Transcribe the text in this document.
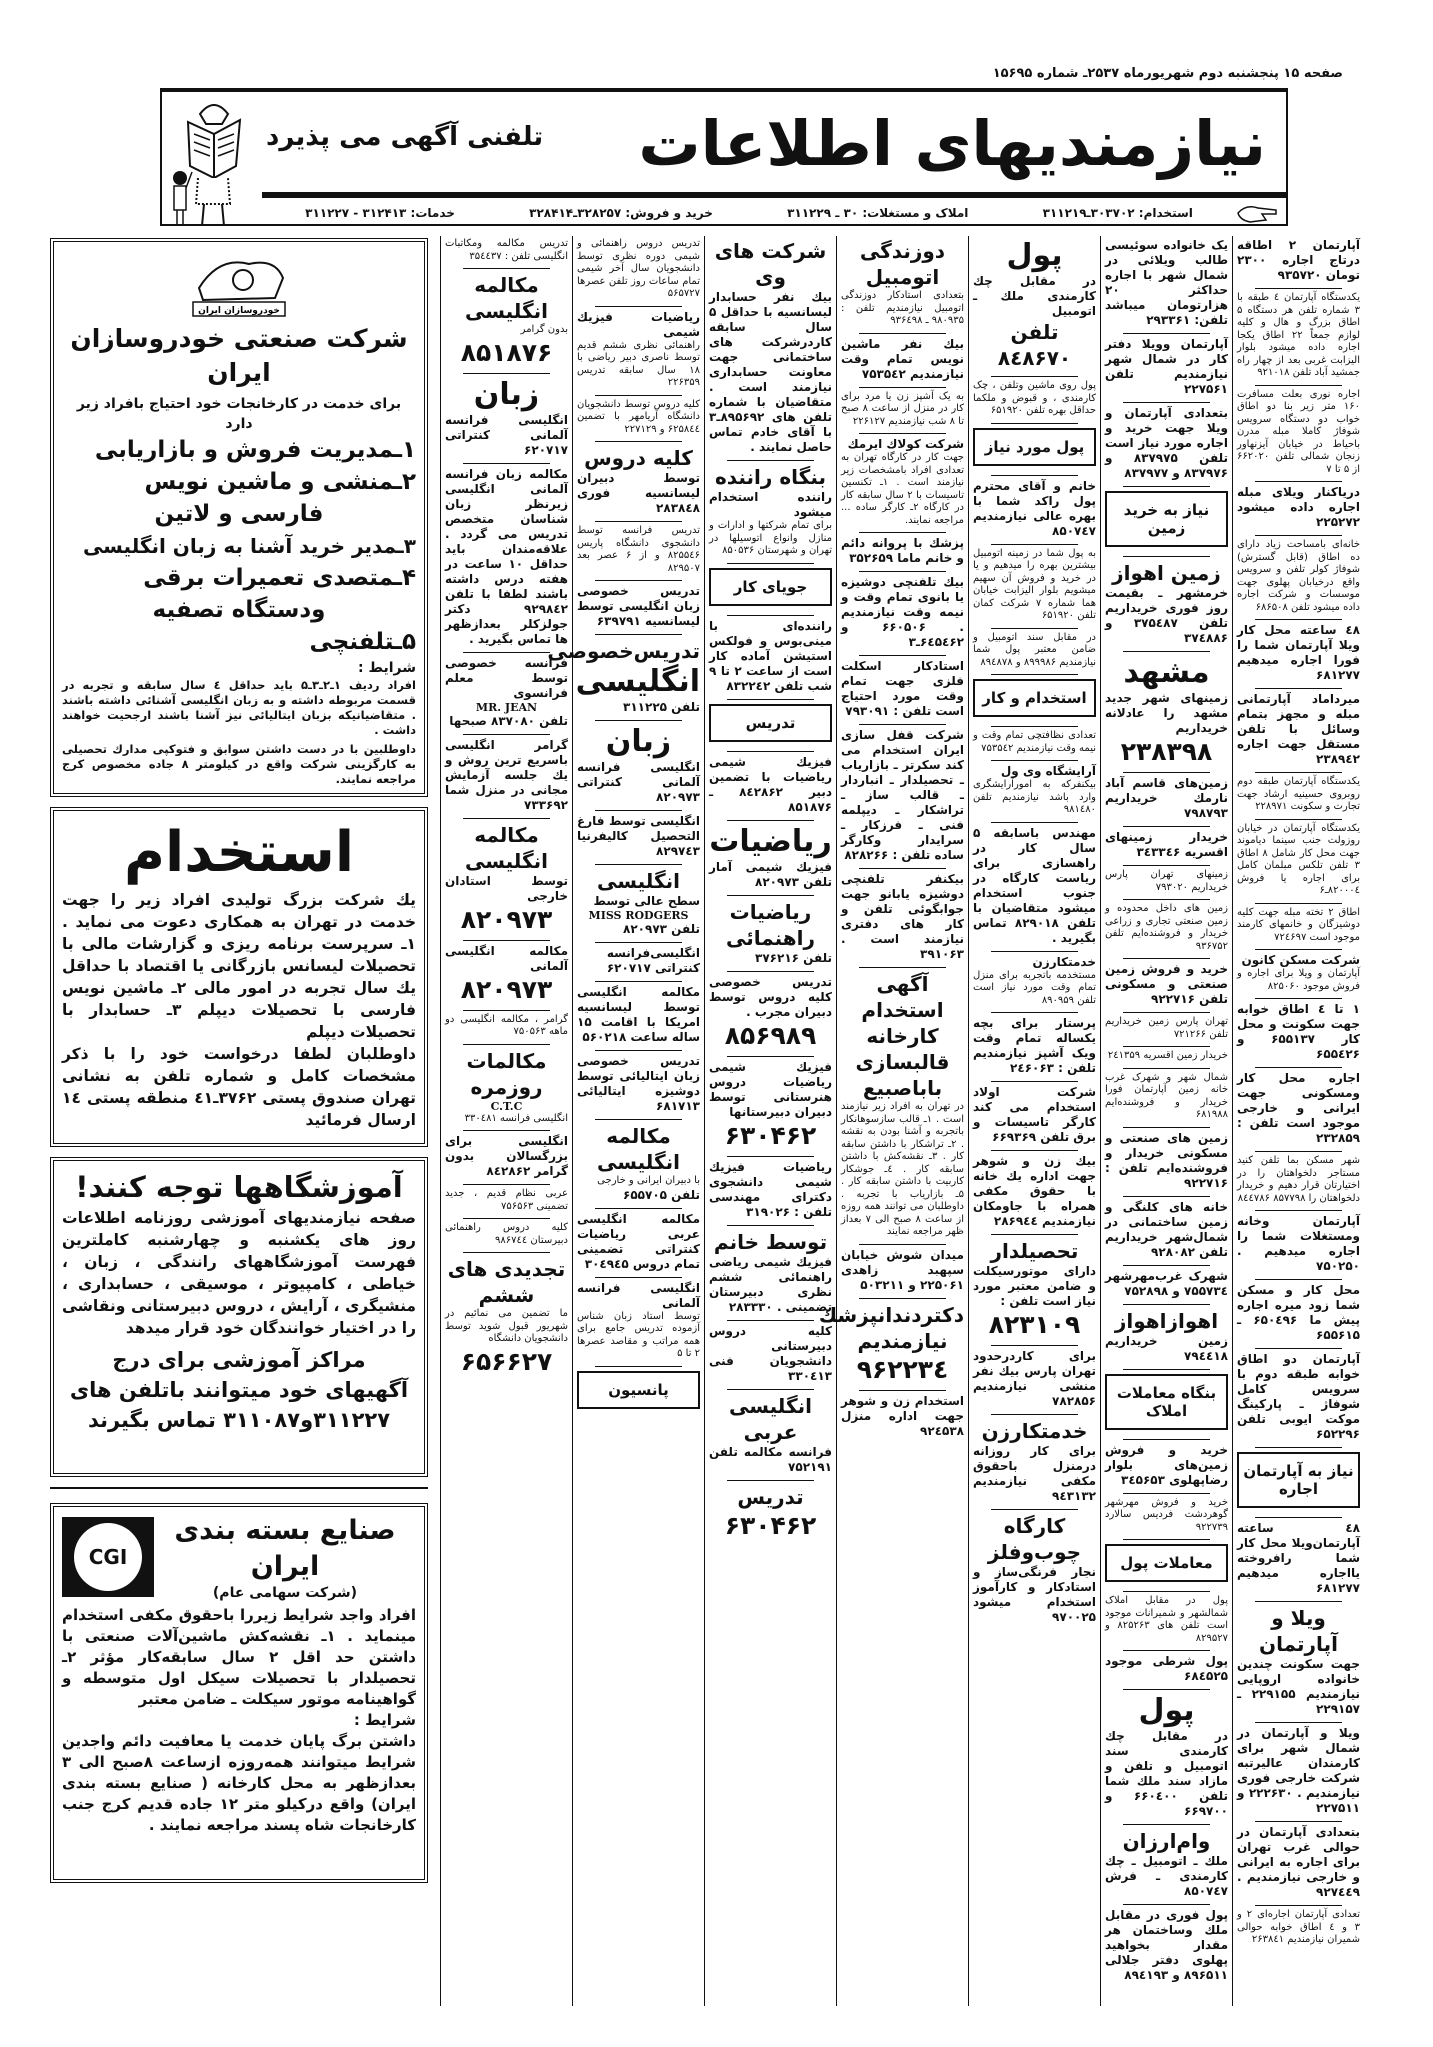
صفحه ۱۵ پنجشنبه دوم شهریورماه ۲۵۳۷ـ شماره ۱۵۶۹۵
نیازمندیهای اطلاعات
تلفنی آگهی می پذیرد
استخدام: ۳۰۳۷۰۲ـ۳۱۱۲۱۹
املاک و مستغلات: ۳۰ ـ ۳۱۱۲۲۹
خرید و فروش: ۳۲۸۲۵۷ـ۳۲۸۴۱۴
خدمات: ۳۱۲۴۱۳ - ۳۱۱۲۲۷
خودروسازان ایران
شرکت صنعتی خودروسازان ایران
برای خدمت در کارخانجات خود احتیاج بافراد زیر دارد
۱ـمدیریت فروش و بازاریابی
۲ـمنشی و ماشین نویس
فارسی و لاتین
۳ـمدیر خرید آشنا به زبان انگلیسی
۴ـمتصدی تعمیرات برقی
ودستگاه تصفیه
۵ـتلفنچی
شرایط :
افراد ردیف ۱ـ۲ـ۳ـ۵ باید حداقل ٤ سال سابقه و تجربه در قسمت مربوطه داشته و به زبان انگلیسی آشنائی داشته باشند . متقاضیانیکه بزبان ایتالیائی نیز آشنا باشند ارجحیت خواهند داشت .
داوطلبین با در دست داشتن سوابق و فتوکپی مدارك تحصیلی به کارگزینی شرکت واقع در کیلومتر ۸ جاده مخصوص کرج مراجعه نمایند.
استخدام
یك شرکت بزرگ تولیدی افراد زیر را جهت خدمت در تهران به همکاری دعوت می نماید . ۱ـ سرپرست برنامه ریزی و گزارشات مالی با تحصیلات لیسانس بازرگانی یا اقتصاد با حداقل یك سال تجربه در امور مالی ۲ـ ماشین نویس فارسی با تحصیلات دیپلم ۳ـ حسابدار با تحصیلات دیپلم
داوطلبان لطفا درخواست خود را با ذکر مشخصات کامل و شماره تلفن به نشانی تهران صندوق پستی ۳۷۶۲ـ٤۱ منطقه پستی ۱٤ ارسال فرمائید
آموزشگاهها توجه کنند!
صفحه نیازمندیهای آموزشی روزنامه اطلاعات روز های یکشنبه و چهارشنبه کاملترین فهرست آموزشگاههای رانندگی ، زبان ، خیاطی ، کامپیوتر ، موسیقی ، حسابداری ، منشیگری ، آرایش ، دروس دبیرستانی ونقاشی را در اختیار خوانندگان خود قرار میدهد
مراکز آموزشی برای درج
آگهیهای خود میتوانند باتلفن های
۳۱۱۲۲۷و۳۱۱۰۸۷ تماس بگیرند
صنایع بسته بندی ایران
(شرکت سهامی عام)
CGI
افراد واجد شرایط زیررا باحقوق مکفی استخدام مینماید . ۱ـ نقشه‌کش ماشین‌آلات صنعتی با داشتن حد اقل ۲ سال سابقه‌کار مؤثر ۲ـ تحصیلدار با تحصیلات سیکل اول متوسطه و گواهینامه موتور سیکلت ـ ضامن معتبر
شرایط :
داشتن برگ پایان خدمت یا معافیت دائم واجدین شرایط میتوانند همه‌روزه ازساعت ۸صبح الی ۳ بعدازظهر به محل کارخانه ( صنایع بسته بندی ایران) واقع درکیلو متر ۱۲ جاده قدیم کرج جنب کارخانجات شاه پسند مراجعه نمایند .
تدریس مکالمه ومکاتبات انگلیسی تلفن : ۳۵٤٤۳۷
مکالمه انگلیسی
بدون گرامر
۸۵۱۸۷۶
زبان
انگلیسی فرانسه آلمانی کنتراتی ۶۲۰۷۱۷
مکالمه زبان فرانسه آلمانی انگلیسی زیرنظر زبان شناسان متخصص تدریس می گردد . علاقه‌مندان باید حداقل ۱۰ ساعت در هفته درس داشته باشند لطفا با تلفن ۹۲۹۸٤۲ دکتر جولزکلر بعدازظهر ها تماس بگیرید .
فرانسه خصوصی توسط معلم فرانسوی
MR. JEAN
تلفن ۸۳۷۰۸۰ صبحها
گرامر انگلیسی باسریع ترین روش و یك جلسه آزمایش مجانی در منزل شما ۷۳۳۶۹۲
مکالمه انگلیسی
توسط استادان خارجی
۸۲۰۹۷۳
مکالمه انگلیسی آلمانی
۸۲۰۹۷۳
گرامر ، مکالمه انگلیسی دو ماهه ۷۵۰۵۶۳
مکالمات روزمره
C.T.C
انگلیسی فرانسه ۳۳۰٤۸۱
انگلیسی برای بزرگسالان بدون گرامر ۸٤۲۸۶۲
عربی نظام قدیم ، جدید تضمینی ۷۵۶۵۶۳
کلیه دروس راهنمائی دبیرستان ۹۸۶۷٤٤
تجدیدی های ششم
ما تضمین می نمائیم در شهریور قبول شوید توسط دانشجویان دانشگاه
۶۵۶۶۲۷
تدریس دروس راهنمائی و شیمی دوره نظری توسط دانشجویان سال آخر شیمی تمام ساعات روز تلفن عصرها ۵۶۵۷۲۷
ریاضیات فیزیك شیمی
راهنمائی نظری ششم قدیم توسط ناصری دبیر ریاضی با ۱۸ سال سابقه تدریس ۲۲۶۳۵۹
کلیه دروس توسط دانشجویان دانشگاه آریامهر با تضمین ۶۲۵۸٤٤ و ۲۲۷۱۲۹
کلیه دروس
توسط دبیران لیسانسیه فوری ۲۸۳۸٤۸
تدریس فرانسه توسط دانشجوی دانشگاه پاریس ۸۲۵۵٤۶ و از ۶ عصر بعد ۸۲۹۵۰۷
تدریس خصوصی زبان انگلیسی توسط لیسانسیه ۶۳۹۷۹۱
تدریس‌خصوصی
انگلیسی
تلفن ۳۱۱۲۲۵
زبان
انگلیسی فرانسه آلمانی کنتراتی ۸۲۰۹۷۳
انگلیسی توسط فارغ التحصیل کالیفرنیا ۸۲۹۷٤۳
انگلیسی
سطح عالی توسط
MISS RODGERS
تلفن ۸۲۰۹۷۳
انگلیسی‌فرانسه کنتراتی ۶۲۰۷۱۷
مکالمه انگلیسی توسط لیسانسیه امریکا با اقامت ۱۵ ساله ساعت ۵۶۰۲۱۸
تدریس خصوصی زبان ایتالیائی توسط دوشیزه ایتالیائی ۶۸۱۷۱۳
مکالمه انگلیسی
با دبیران ایرانی و خارجی
تلفن ۶۵۵۷۰۵
مکالمه انگلیسی عربی ریاضیات کنتراتی تضمینی تمام دروس ۳۰٤۹٤۵
انگلیسی فرانسه آلمانی
توسط استاد زبان شناس آزموده تدریس جامع برای همه مراتب و مقاصد عصرها ۲ تا ۵
پانسیون
شرکت های وی
بیك نفر حسابدار لیسانسیه با حداقل ۵ سال سابقه کاردرشرکت های ساختمانی جهت معاونت حسابداری نیازمند است . متقاضیان با شماره تلفن های ۸۹۵۶۹۲ـ۳ با آقای خادم تماس حاصل نمایند .
بنگاه راننده
راننده استخدام میشود
برای تمام شرکتها و ادارات و منازل وانواع اتوسیلها در تهران و شهرستان ۸۵۰۵۳۶
جویای کار
راننده‌ای با مینی‌بوس و فولکس استیشن آماده کار است از ساعت ۲ تا ۹ شب تلفن ۸۳۲۲٤۲
تدریس
فیزیك شیمی ریاضیات با تضمین دبیر ۸٤۲۸۶۲ ـ ۸۵۱۸۷۶
ریاضیات
فیزیك شیمی آمار تلفن ۸۲۰۹۷۳
ریاضیات راهنمائی
تلفن ۳۷۶۲۱۶
تدریس خصوصی کلیه دروس توسط دبیران مجرب .
۸۵۶۹۸۹
فیزیك شیمی ریاضیات دروس هنرستانی توسط دبیران دبیرستانها
۶۳۰۴۶۲
ریاضیات فیزیك شیمی دانشجوی دکترای مهندسی تلفن : ۳۱۹۰۲۶
توسط خانم
فیزیك شیمی ریاضی راهنمائی ششم نظری دبیرستان تضمینی . ۲۸۳۳۳۰
کلیه دروس دبیرستانی دانشجویان فنی ۳۳۰٤۱۳
انگلیسی عربی
فرانسه مکالمه تلفن ۷۵۲۱۹۱
تدریس
۶۳۰۴۶۲
دوزندگی اتومبیل
بتعدادی استادکار دوزندگی اتومبیل نیازمندیم تلفن : ۹۸۰۹۳۵ ـ ۹۳۶٤۹۸
بیك نفر ماشین نویس تمام وقت نیازمندیم ۷۵۳۵٤۲
به یک آشپز زن یا مرد برای کار در منزل از ساعت ۸ صبح تا ۸ شب نیازمندیم ۲۲۶۱۲۷
شرکت كولاك ايرمك
جهت کار در کارگاه تهران به تعدادی افراد بامشخصات زیر نیازمند است . ۱ـ تکنسین تاسیسات با ۲ سال سابقه کار در کارگاه ۲ـ کارگر ساده ... مراجعه نمایند.
پزشك با پروانه دائم و خانم ماما ۳۵۲۶۵۹
بیك تلفنچی دوشیزه یا بانوی تمام وقت و نیمه وقت نیازمندیم . ۶۶۰۵۰۶ و ۶٤۵٤۶۲ـ۳
استادکار اسکلت فلزی جهت تمام وقت مورد احتیاج است تلفن : ۷۹۳۰۹۱
شرکت قفل سازی ایران استخدام می کند سکرتر ـ بازاریاب ـ تحصیلدار ـ انباردار ـ قالب ساز ـ تراشکار ـ دیپلمه فنی ـ فرزکار ـ سرایدار وکارگر ساده تلفن : ۸۲۸۲۶۶
بیکنفر تلفنچی دوشیزه یابانو جهت جوابگوئی تلفن و کار های دفتری نیازمند است . ۳۹۱۰۶۳
آگهی استخدام کارخانه قالبسازی باباصبیع
در تهران به افراد زیر نیازمند است . ۱ـ قالب سازسوهانکار باتجربه و آشنا بودن به نقشه . ۲ـ تراشکار با داشتن سابقه کار . ۳ـ نقشه‌کش با داشتن سابقه کار . ٤ـ جوشکار کاربیت با داشتن سابقه کار . ۵ـ بازاریاب با تجربه . داوطلبان می توانند همه روزه از ساعت ۸ صبح الی ۷ بعداز ظهر مراجعه نمایند
میدان شوش خیابان سپهبد زاهدی ۲۲۵۰۶۱ و ۵۰۳۲۱۱
دکتردندانپزشك نیازمندیم
۹۶۲۲۳٤
استخدام زن و شوهر جهت اداره منزل ۹۲٤۵۳۸
پول
در مقابل چك كارمندى ملك ـ اتومبيل
تلفن ۸٤۸۶۷۰
پول روی ماشین وتلفن ، چک کارمندی ، و قبوض و ملکما حداقل بهره تلفن ۶۵۱۹۲۰
پول مورد نیاز
خانم و آقای محترم پول راکد شما با بهره عالی نیازمندیم ۸۵۰۷٤۷
به پول شما در زمینه اتومبیل بیشترین بهره را میدهیم و یا در خرید و فروش آن سهیم میشویم بلوار الیزابت خیابان هما شماره ۷ شرکت کمان تلفن ۶۵۱۹۲۰
در مقابل سند اتومبیل و ضامن معتبر پول شما نیازمندیم ۸۹۹۹۸۶ و ۸۹٤۸۷۸
استخدام و کار
تعدادی نظافتچی تمام وقت و نیمه وقت نیازمندیم ۷۵۳۵٤۲
آرایشگاه وی ول
بیکنفرکه به امورآرایشگری وارد باشد نیازمندیم تلفن ۹۸۱٤۸۰
مهندس باسابقه ۵ سال کار در راهسازی برای ریاست کارگاه در جنوب استخدام میشود متقاضیان با تلفن ۸۲۹۰۱۸ تماس بگیرید .
خدمتکارزن
مستخدمه باتجربه برای منزل تمام وقت مورد نیاز است تلفن ۸۹۰۹۵۹
پرستار برای بچه یکساله تمام وقت ویک آشپز نیازمندیم تلفن : ۲٤۶۰۶۳
شرکت اولاد استخدام می کند کارگر تاسیسات و برق تلفن ۶۶۹۳۶۹
بیك زن و شوهر جهت اداره یك خانه با حقوق مكفی همراه با جاومکان نیازمندیم ۲۸۶۹٤٤
تحصیلدار
دارای موتورسیکلت و ضامن معتبر مورد نیاز است تلفن :
۸۲۳۱۰۹
برای کاردرحدود تهران پارس بیك نفر منشی نیازمندیم ۷۸۲۸۵۶
خدمتکارزن
برای کار روزانه درمنزل باحقوق مکفی نیازمندیم ۹٤۳۱۳۲
کارگاه چوب‌وفلز
نجار فرنگی‌ساز و استادکار و کارآموز استخدام میشود ۹۷۰۰۲۵
یک خانواده سوئیسی طالب ویلائی در شمال شهر با اجاره حداکثر ۲۰ هزارتومان میباشد تلفن: ۲۹۳۳۶۱
آپارتمان وویلا دفتر کار در شمال شهر نیازمندیم تلفن ۲۲۷۵۶۱
بتعدادی آپارتمان و ویلا جهت خرید و اجاره مورد نیاز است تلفن ۸۳۷۹۷۵ و ۸۳۷۹۷۶ و ۸۳۷۹۷۷
نیاز به خرید زمین
زمین اهواز
خرمشهر ـ بقیمت روز فوری خریداریم تلفن ۳۷۵٤۸۷ و ۳۷٤۸۸۶
مشهد
زمینهای شهر جدید مشهد را عادلانه خریداریم
۲۳۸۳۹۸
زمین‌های قاسم آباد نارمك خریداریم ۷۹۸۷۹۳
خریدار زمینهای اقسریه ۳٤۳۳٤۶
زمینهای تهران پارس خریداریم ۷۹۳۰۲۰
زمین های داخل محدوده و زمین صنعتی تجاری و زراعی خریدار و فروشنده‌ایم تلفن ۹۳۶۷۵۲
خرید و فروش زمین صنعتی و مسکونی تلفن ۹۲۲۷۱۶
تهران پارس زمین خریداریم تلفن ۷۲۱۲۶۶
خریدار زمین اقسریه ۲٤۱۳۵۹
شمال شهر و شهرک غرب خانه زمین آپارتمان فورا خریدار و فروشنده‌ایم ۶۸۱۹۸۸
زمین های صنعتی و مسکونی خریدار و فروشنده‌ایم تلفن : ۹۲۲۷۱۶
خانه های کلنگی و زمین ساختمانی در شمال‌شهر خریداریم تلفن ۹۲۸۰۸۲
شهرک غرب‌مهرشهر ۷۵۵۷۳٤ و ۷۵۲۸۹۸
اهوازاهواز
زمین خریداریم ۷۹٤٤۱۸
بنگاه معاملات املاک
خرید و فروش زمین‌های بلوار رضاپهلوی ۳٤۵۶۵۳
خرید و فروش مهرشهر گوهردشت فردیس سالارد ۹۲۲۷۳۹
معاملات پول
پول در مقابل املاک شمالشهر و شمیرانات موجود است تلفن های ۸۲۵۲۶۳ و ۸۲۹۵۲۷
پول شرطی موجود ۶۸٤۵۲۵
پول
در مقابل چك كارمندى سند اتومبیل و تلفن و مازاد سند ملك شما تلفن ۶۶۰٤۰۰ و ۶۶۹۷۰۰
وام‌ارزان
ملك ـ اتومبیل ـ چك كارمندى ـ فرش ۸۵۰۷٤۷
پول فوری در مقابل ملك وساختمان هر مقدار بخواهید پهلوی دفتر جلالی ۸۹۶۵۱۱ و ۸۹٤۱۹۳
آپارتمان ۲ اطاقه درتاج اجاره ۲۳۰۰ تومان ۹۳۵۷۲۰
یکدستگاه آپارتمان ٤ طبقه با ۳ شماره تلفن هر دستگاه ۵ اطاق بزرگ و هال و کلیه لوازم جمعاً ۲۲ اطاق یکجا اجاره داده میشود بلوار الیزابت غربی بعد از چهار راه جمشید آباد تلفن ۹۲۱۰۱۸
اجاره نوری بعلت مسافرت ۱۶۰ متر زیر بنا دو اطاق خواب دو دستگاه سرویس شوفاژ کاملا مبله مدرن باحیاط در خیابان آیزنهاور زنجان شمالی تلفن ۶۶۲۰۲۰ از ۵ تا ۷
درياكنار ویلای مبله اجاره داده میشود ۲۲۵۲۷۲
خانه‌ای بامساحت زیاد دارای ده اطاق (قابل گسترش) شوفاژ کولر تلفن و سرویس واقع درخیابان پهلوی جهت موسسات و شرکت اجاره داده میشود تلفن ۶۸۶۵۰۸
٤٨ ساعته محل کار ویلا آپارتمان شما را فورا اجاره میدهیم ۶۸۱۲۷۷
میرداماد آپارتمانی مبله و مجهز بتمام وسائل با تلفن مستقل جهت اجاره ۲۳۸۹٤۲
یکدستگاه آپارتمان طبقه دوم روبروی حسینیه ارشاد جهت تجارت و سکونت ۲۲۸۹۷۱
یکدستگاه آپارتمان در خیابان روزولت جنب سینما دیاموند جهت محل کار شامل ۸ اطاق ۳ تلفن تلکس مبلمان کامل برای اجاره یا فروش ۸۲۰۰۰٤ـ۶
اطاق ۲ تخته مبله جهت کلیه دوشیزگان و خانمهای کارمند موجود است ۷۲٤۶۹۷
شرکت مسکن کانون
آپارتمان و ویلا برای اجاره و فروش موجود ۸۲۵۰۶۰
۱ تا ٤ اطاق خوابه جهت سکونت و محل کار ۶۵۵۱۳۷ و ۶۵۵٤۲۶
اجاره محل کار ومسکونی جهت ایرانی و خارجی موجود است تلفن : ۲۳۲۸۵۹
شهر مسکن بما تلفن کنید مستاجر دلخواهتان را در اختیارتان قرار دهیم و خریدار دلخواهتان را ۸۵۷۷۹۸ ۸٤٤۷۸۶
آپارتمان وخانه ومستغلات شما را اجاره میدهیم . ۷۵۰۲۵۰
محل کار و مسکن شما زود میره اجاره پیش ما ۶۵۰٤۹۶ ـ ۶۵۵۶۱۵
آپارتمان دو اطاق خوابه طبقه دوم با سرویس کامل شوفاژ ـ پارکینگ موکت ایوبی تلفن ۶۵۲۲۹۶
نیاز به آپارتمان اجاره
٤٨ ساعته آپارتمان‌ویلا محل کار شما رافروخته یااجاره میدهیم ۶۸۱۲۷۷
ویلا و آپارتمان
جهت سکونت چندین خانواده اروپایی نیازمندیم ۲۲۹۱۵۵ ـ ۲۲۹۱۵۷
ویلا و آپارتمان در شمال شهر برای کارمندان عالیرتبه شرکت خارجی فوری نیازمندیم . ۲۲۲۶۳۰ و ۲۲۷۵۱۱
بتعدادی آپارتمان در حوالی غرب تهران برای اجاره به ایرانی و خارجی نیازمندیم . ۹۲۷٤٤۹
تعدادی آپارتمان اجاره‌ای ۲ و ۳ و ٤ اطاق خوابه حوالی شمیران نیازمندیم ۲۶۳۸٤۱
